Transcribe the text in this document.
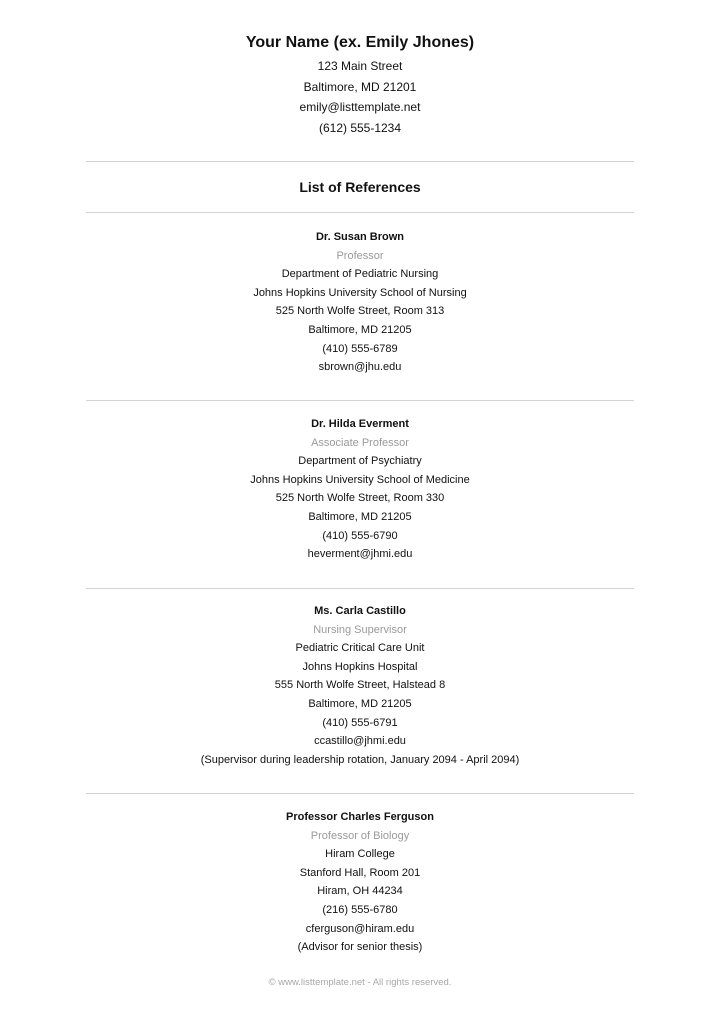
Your Name (ex. Emily Jhones)
123 Main Street
Baltimore, MD 21201
emily@listtemplate.net
(612) 555-1234
List of References
Dr. Susan Brown
Professor
Department of Pediatric Nursing
Johns Hopkins University School of Nursing
525 North Wolfe Street, Room 313
Baltimore, MD 21205
(410) 555-6789
sbrown@jhu.edu
Dr. Hilda Everment
Associate Professor
Department of Psychiatry
Johns Hopkins University School of Medicine
525 North Wolfe Street, Room 330
Baltimore, MD 21205
(410) 555-6790
heverment@jhmi.edu
Ms. Carla Castillo
Nursing Supervisor
Pediatric Critical Care Unit
Johns Hopkins Hospital
555 North Wolfe Street, Halstead 8
Baltimore, MD 21205
(410) 555-6791
ccastillo@jhmi.edu
(Supervisor during leadership rotation, January 2094 - April 2094)
Professor Charles Ferguson
Professor of Biology
Hiram College
Stanford Hall, Room 201
Hiram, OH 44234
(216) 555-6780
cferguson@hiram.edu
(Advisor for senior thesis)
© www.listtemplate.net - All rights reserved.
